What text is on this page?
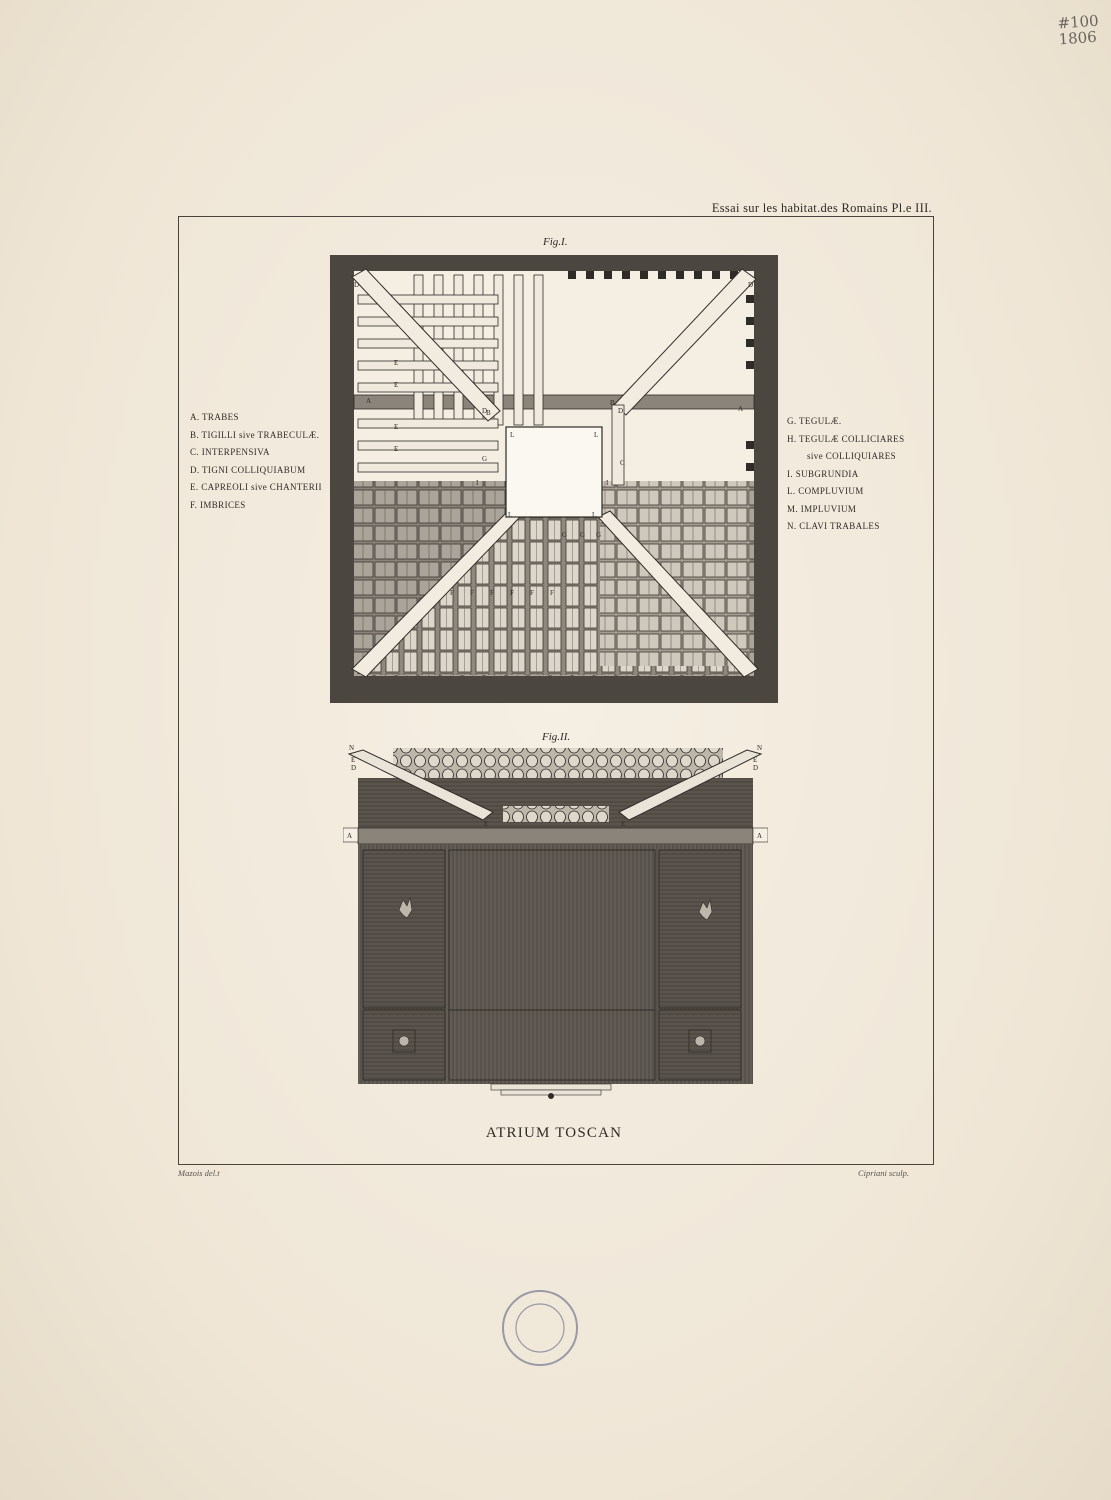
#100
1806
Essai sur les habitat.des Romains Pl.e III.
Fig.I.
D	D
A
A
B
B
D
D
C
L	L
L	L
I	I
G
E
E
E
E
F F F F F F
G G G
A. TRABES
B. TIGILLI sive TRABECULÆ.
C. INTERPENSIVA
D. TIGNI COLLIQUIABUM
E. CAPREOLI sive CHANTERII
F. IMBRICES
G. TEGULÆ.
H. TEGULÆ COLLICIARES
sive COLLIQUIARES
I. SUBGRUNDIA
L. COMPLUVIUM
M. IMPLUVIUM
N. CLAVI TRABALES
Fig.II.
A	A
N	N
E	E
D	D
E	E
ATRIUM TOSCAN
Mazois del.t	Cipriani sculp.
